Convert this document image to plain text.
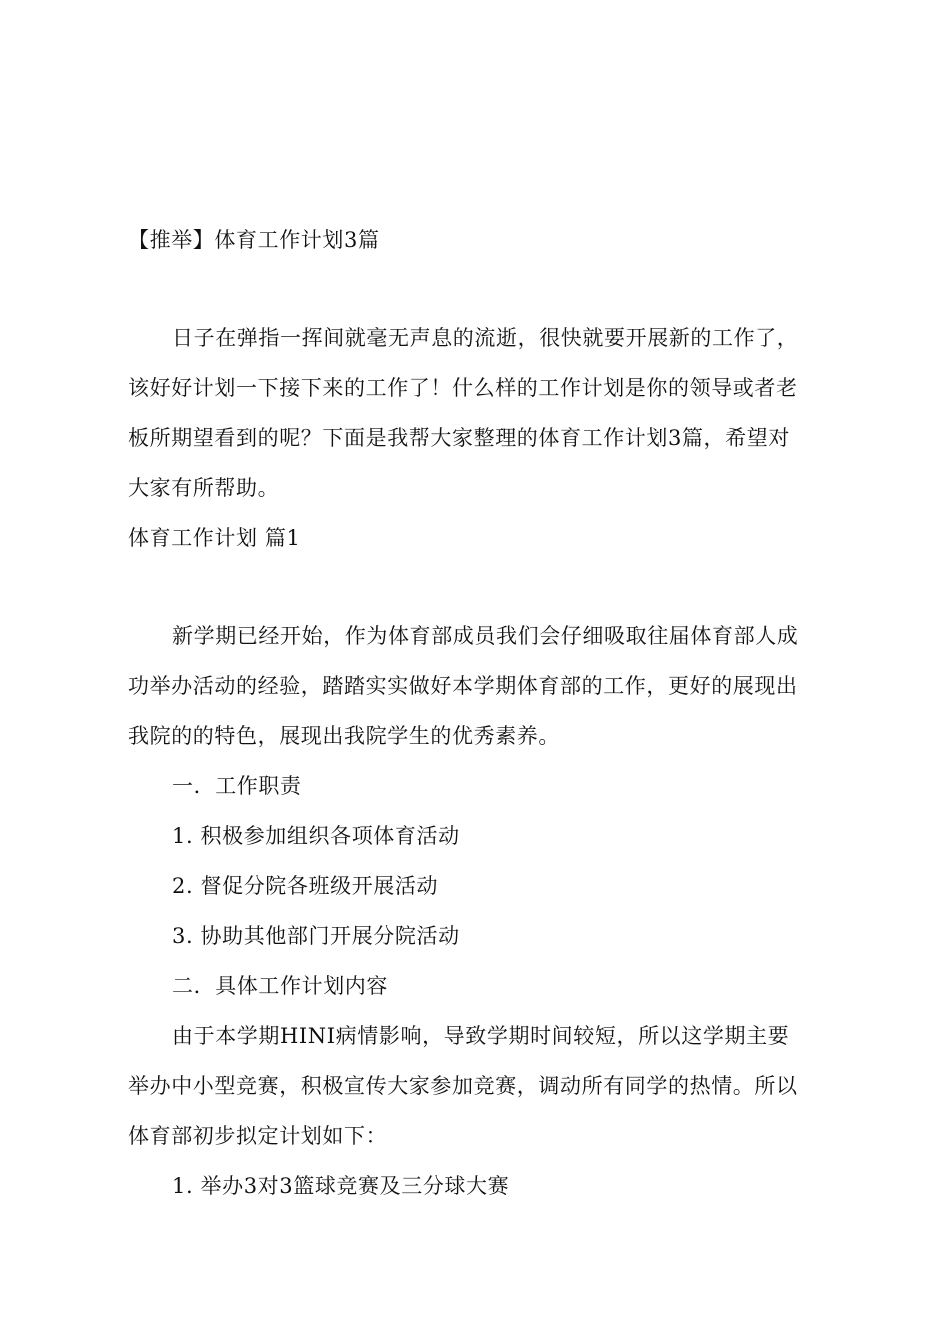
【推举】体育工作计划3篇
日子在弹指一挥间就毫无声息的流逝，很快就要开展新的工作了，
该好好计划一下接下来的工作了！什么样的工作计划是你的领导或者老
板所期望看到的呢？下面是我帮大家整理的体育工作计划3篇，希望对
大家有所帮助。
体育工作计划 篇1
新学期已经开始，作为体育部成员我们会仔细吸取往届体育部人成
功举办活动的经验，踏踏实实做好本学期体育部的工作，更好的展现出
我院的的特色，展现出我院学生的优秀素养。
一．工作职责
1. 积极参加组织各项体育活动
2. 督促分院各班级开展活动
3. 协助其他部门开展分院活动
二．具体工作计划内容
由于本学期HINI病情影响，导致学期时间较短，所以这学期主要
举办中小型竞赛，积极宣传大家参加竞赛，调动所有同学的热情。所以
体育部初步拟定计划如下：
1. 举办3对3篮球竞赛及三分球大赛
